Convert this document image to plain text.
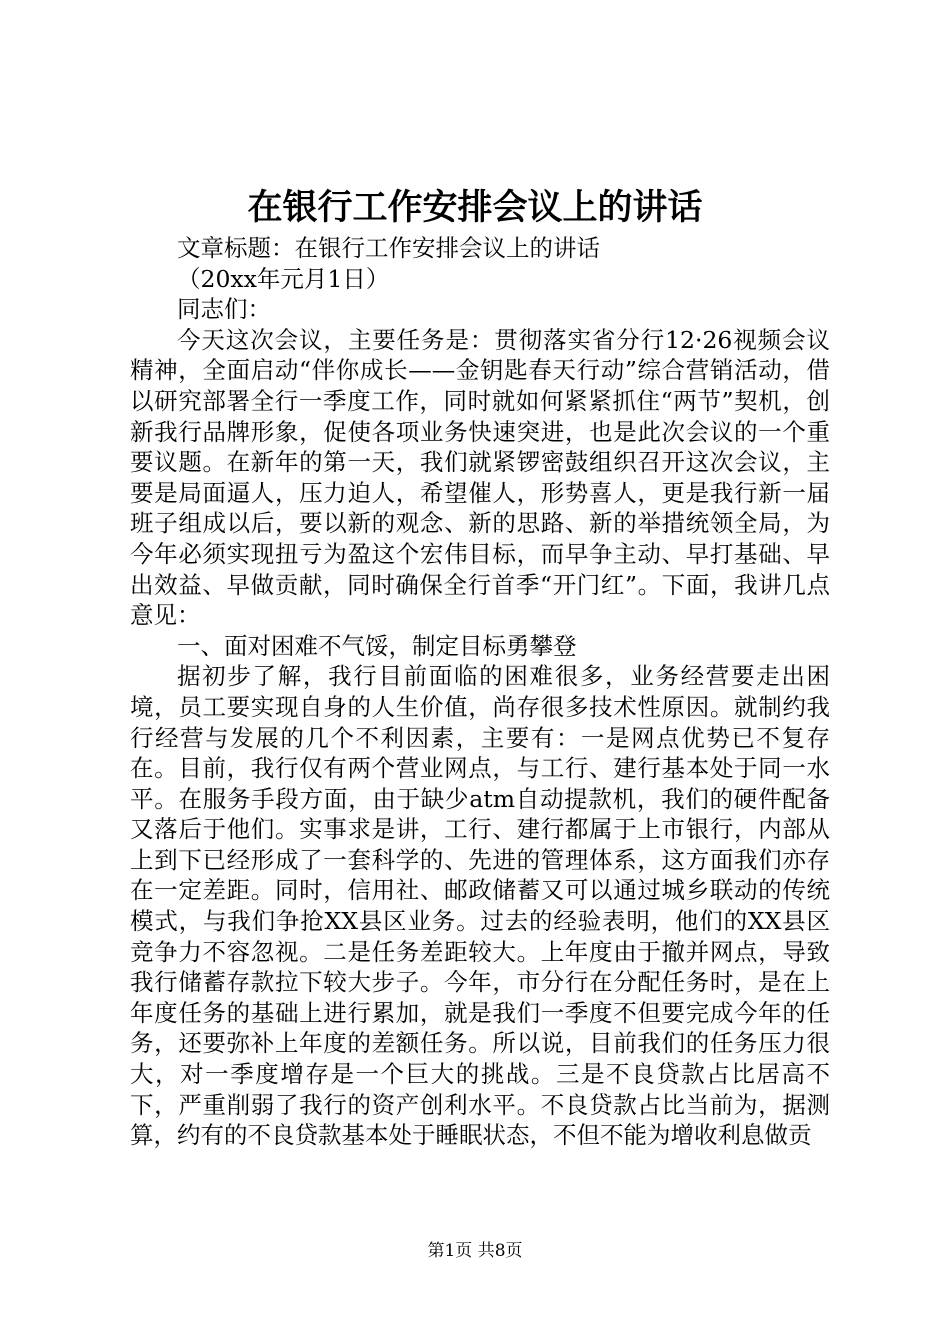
在银行工作安排会议上的讲话

文章标题：在银行工作安排会议上的讲话

（20xx年元月1日）

同志们：

今天这次会议，主要任务是：贯彻落实省分行12·26视频会议精神，全面启动“伴你成长——金钥匙春天行动”综合营销活动，借以研究部署全行一季度工作，同时就如何紧紧抓住“两节”契机，创新我行品牌形象，促使各项业务快速突进，也是此次会议的一个重要议题。在新年的第一天，我们就紧锣密鼓组织召开这次会议，主要是局面逼人，压力迫人，希望催人，形势喜人，更是我行新一届班子组成以后，要以新的观念、新的思路、新的举措统领全局，为今年必须实现扭亏为盈这个宏伟目标，而早争主动、早打基础、早出效益、早做贡献，同时确保全行首季“开门红”。下面，我讲几点意见：

一、面对困难不气馁，制定目标勇攀登

据初步了解，我行目前面临的困难很多，业务经营要走出困境，员工要实现自身的人生价值，尚存很多技术性原因。就制约我行经营与发展的几个不利因素，主要有：一是网点优势已不复存在。目前，我行仅有两个营业网点，与工行、建行基本处于同一水平。在服务手段方面，由于缺少atm自动提款机，我们的硬件配备又落后于他们。实事求是讲，工行、建行都属于上市银行，内部从上到下已经形成了一套科学的、先进的管理体系，这方面我们亦存在一定差距。同时，信用社、邮政储蓄又可以通过城乡联动的传统模式，与我们争抢XX县区业务。过去的经验表明，他们的XX县区竞争力不容忽视。二是任务差距较大。上年度由于撤并网点，导致我行储蓄存款拉下较大步子。今年，市分行在分配任务时，是在上年度任务的基础上进行累加，就是我们一季度不但要完成今年的任务，还要弥补上年度的差额任务。所以说，目前我们的任务压力很大，对一季度增存是一个巨大的挑战。三是不良贷款占比居高不下，严重削弱了我行的资产创利水平。不良贷款占比当前为，据测算，约有的不良贷款基本处于睡眠状态，不但不能为增收利息做贡

第1页 共8页
